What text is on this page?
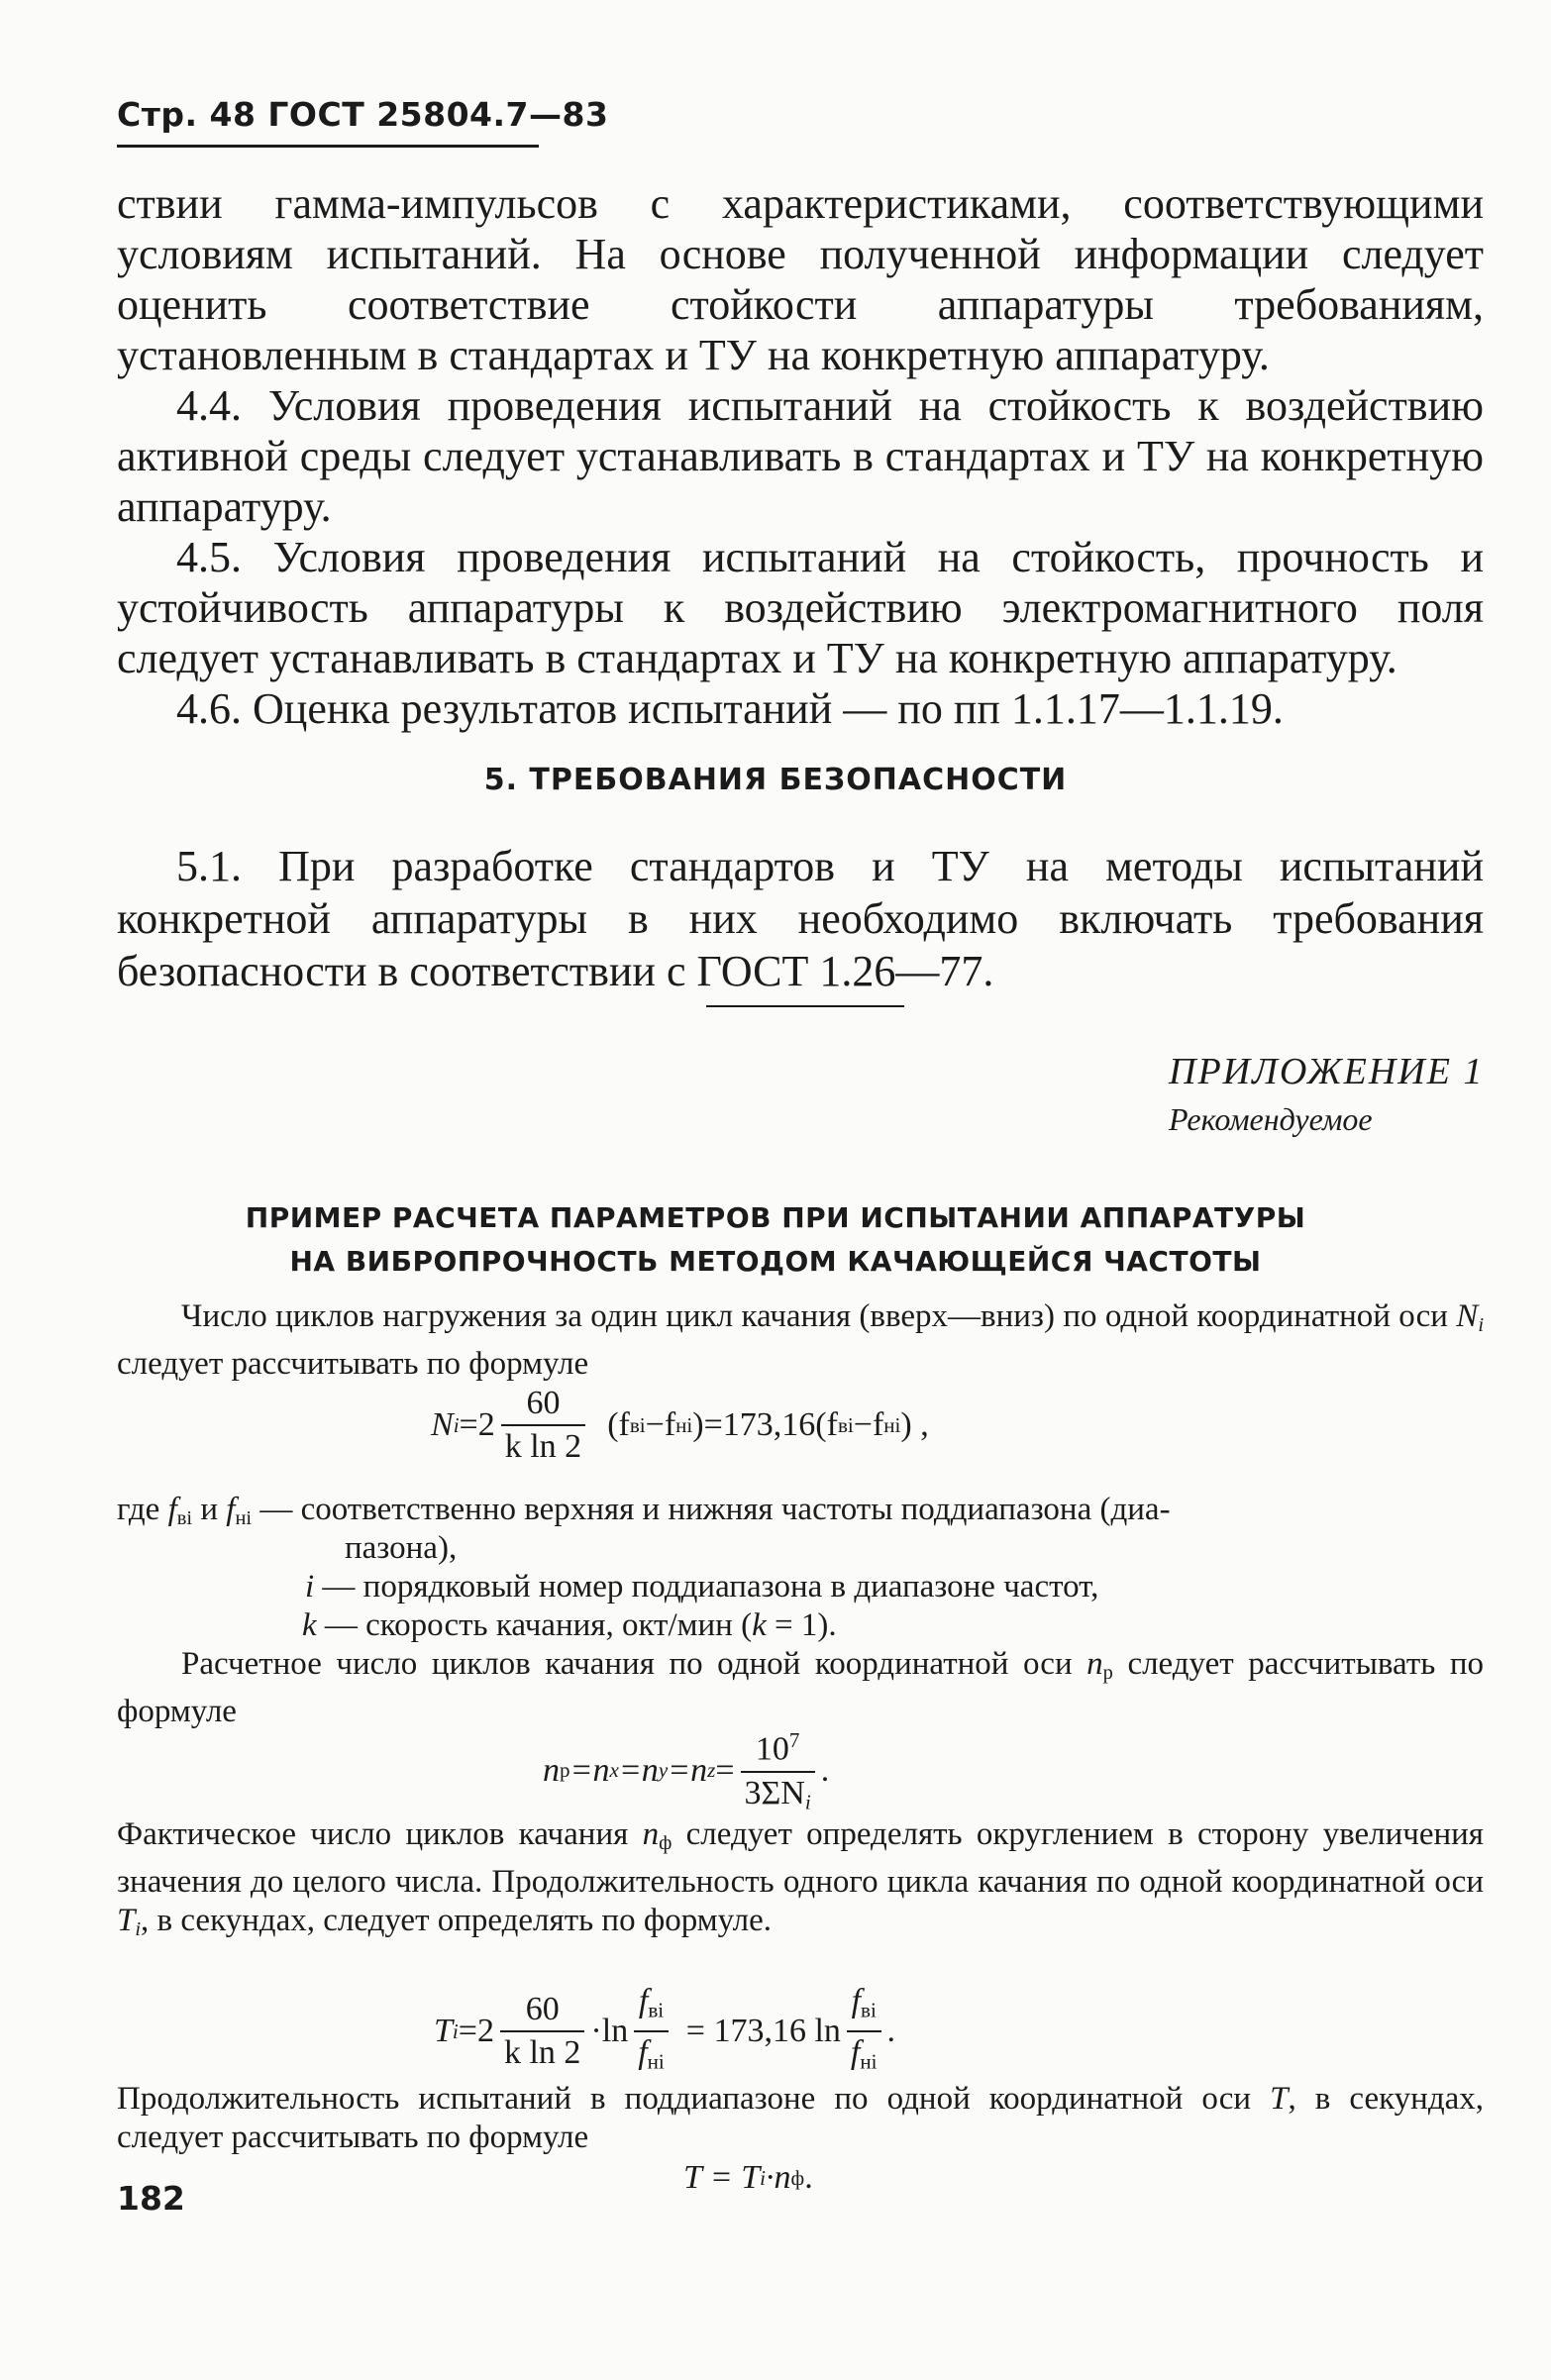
Стр. 48 ГОСТ 25804.7—83

ствии гамма-импульсов с характеристиками, соответствующими условиям испытаний. На основе полученной информации следует оценить соответствие стойкости аппаратуры требованиям, установленным в стандартах и ТУ на конкретную аппаратуру.

4.4. Условия проведения испытаний на стойкость к воздействию активной среды следует устанавливать в стандартах и ТУ на конкретную аппаратуру.

4.5. Условия проведения испытаний на стойкость, прочность и устойчивость аппаратуры к воздействию электромагнитного поля следует устанавливать в стандартах и ТУ на конкретную аппаратуру.

4.6. Оценка результатов испытаний — по пп 1.1.17—1.1.19.

5. ТРЕБОВАНИЯ БЕЗОПАСНОСТИ

5.1. При разработке стандартов и ТУ на методы испытаний конкретной аппаратуры в них необходимо включать требования безопасности в соответствии с ГОСТ 1.26—77.

ПРИЛОЖЕНИЕ 1
Рекомендуемое
ПРИМЕР РАСЧЕТА ПАРАМЕТРОВ ПРИ ИСПЫТАНИИ АППАРАТУРЫ
НА ВИБРОПРОЧНОСТЬ МЕТОДОМ КАЧАЮЩЕЙСЯ ЧАСТОТЫ

Число циклов нагружения за один цикл качания (вверх—вниз) по одной координатной оси $N_i$ следует рассчитывать по формуле

N $i =2 \frac{60}{\text{k ln 2}} (f$ вi −f нi )=173,16(f вi −f нi ) ,
где $f_{вi}$ и $f_{нi}$ — соответственно верхняя и нижняя частоты поддиапазона (диа-
пазона),
i — порядковый номер поддиапазона в диапазоне частот,
k — скорость качания, окт/мин (k = 1).

Расчетное число циклов качания по одной координатной оси $n_p$ следует рассчитывать по формуле

n p =n x =n y =n $z = \frac{10^7}{3\Sigma N_i}$ .

Фактическое число циклов качания $n_ф$ следует определять округлением в сторону увеличения значения до целого числа. Продолжительность одного цикла качания по одной координатной оси $T_i$, в секундах, следует определять по формуле.

T $i =2 \frac{60}{\text{k ln 2}} \cdot\ln \frac{f_{вi}}{f_{нi}} = 173,16$ $\ln \frac{f_{вi}}{f_{нi}}$ .

Продолжительность испытаний в поддиапазоне по одной координатной оси T, в секундах, следует рассчитывать по формуле

T = T i ·n ф .
182
